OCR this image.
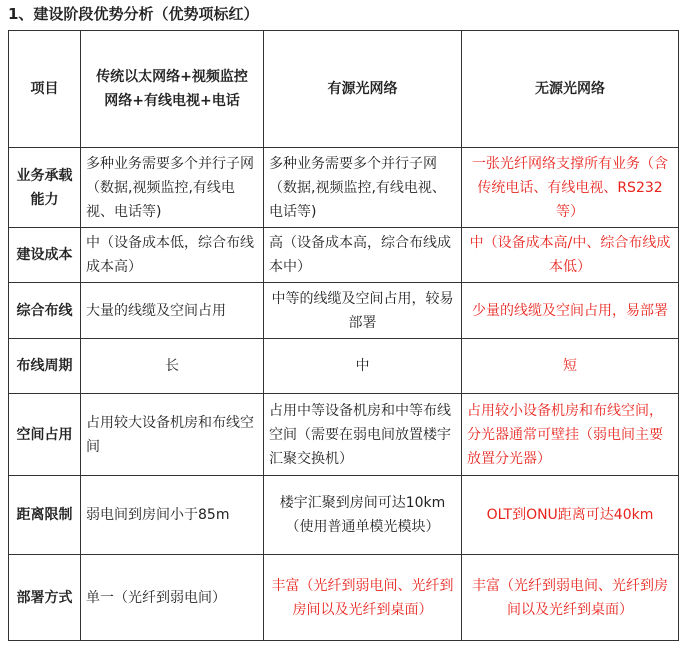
1、建设阶段优势分析（优势项标红）
项目	传统以太网络+视频监控网络+有线电视+电话	有源光网络	无源光网络
业务承载能力	多种业务需要多个并行子网（数据,视频监控,有线电视、电话等)	多种业务需要多个并行子网（数据,视频监控,有线电视、电话等)	一张光纤网络支撑所有业务（含传统电话、有线电视、RS232等）
建设成本	中（设备成本低，综合布线成本高）	高（设备成本高，综合布线成本中）	中（设备成本高/中、综合布线成本低）
综合布线	大量的线缆及空间占用	中等的线缆及空间占用，较易部署	少量的线缆及空间占用，易部署
布线周期	长	中	短
空间占用	占用较大设备机房和布线空间	占用中等设备机房和中等布线空间（需要在弱电间放置楼宇汇聚交换机）	占用较小设备机房和布线空间，分光器通常可壁挂（弱电间主要放置分光器）
距离限制	弱电间到房间小于85m	楼宇汇聚到房间可达10km（使用普通单模光模块）	OLT到ONU距离可达40km
部署方式	单一（光纤到弱电间）	丰富（光纤到弱电间、光纤到房间以及光纤到桌面）	丰富（光纤到弱电间、光纤到房间以及光纤到桌面）
